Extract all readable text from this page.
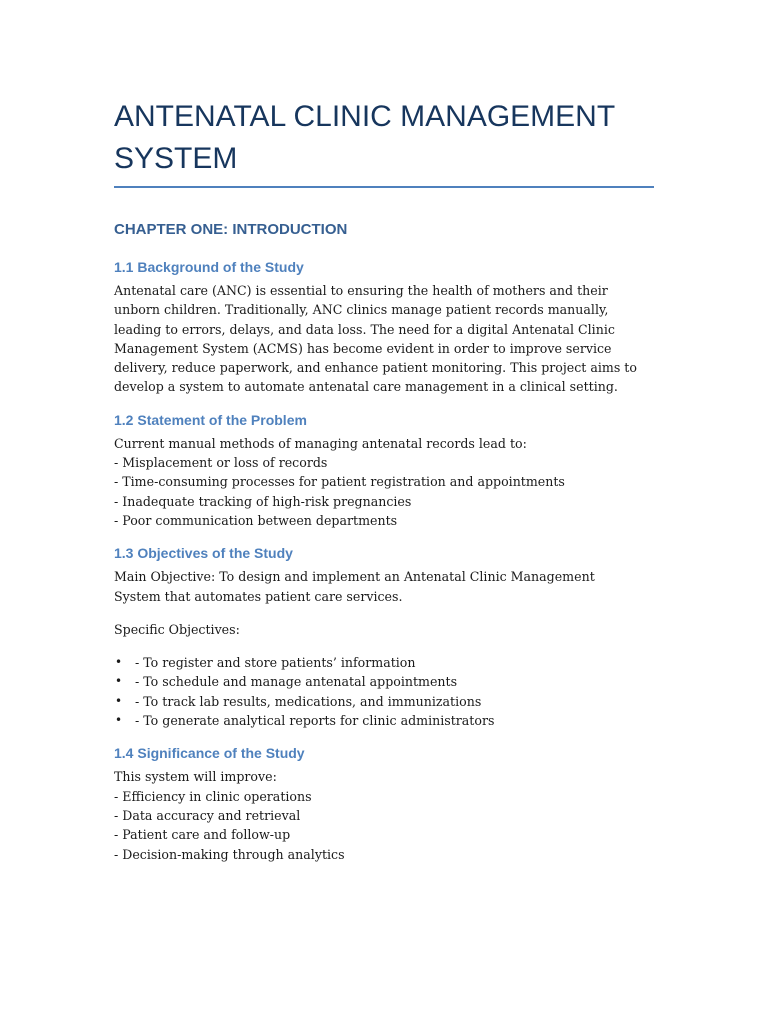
ANTENATAL CLINIC MANAGEMENT SYSTEM
CHAPTER ONE: INTRODUCTION
1.1 Background of the Study

Antenatal care (ANC) is essential to ensuring the health of mothers and their unborn children. Traditionally, ANC clinics manage patient records manually, leading to errors, delays, and data loss. The need for a digital Antenatal Clinic Management System (ACMS) has become evident in order to improve service delivery, reduce paperwork, and enhance patient monitoring. This project aims to develop a system to automate antenatal care management in a clinical setting.

1.2 Statement of the Problem
Current manual methods of managing antenatal records lead to:
- Misplacement or loss of records
- Time-consuming processes for patient registration and appointments
- Inadequate tracking of high-risk pregnancies
- Poor communication between departments
1.3 Objectives of the Study

Main Objective: To design and implement an Antenatal Clinic Management System that automates patient care services.

Specific Objectives:

• - To register and store patients’ information
• - To schedule and manage antenatal appointments
• - To track lab results, medications, and immunizations
• - To generate analytical reports for clinic administrators
1.4 Significance of the Study
This system will improve:
- Efficiency in clinic operations
- Data accuracy and retrieval
- Patient care and follow-up
- Decision-making through analytics
